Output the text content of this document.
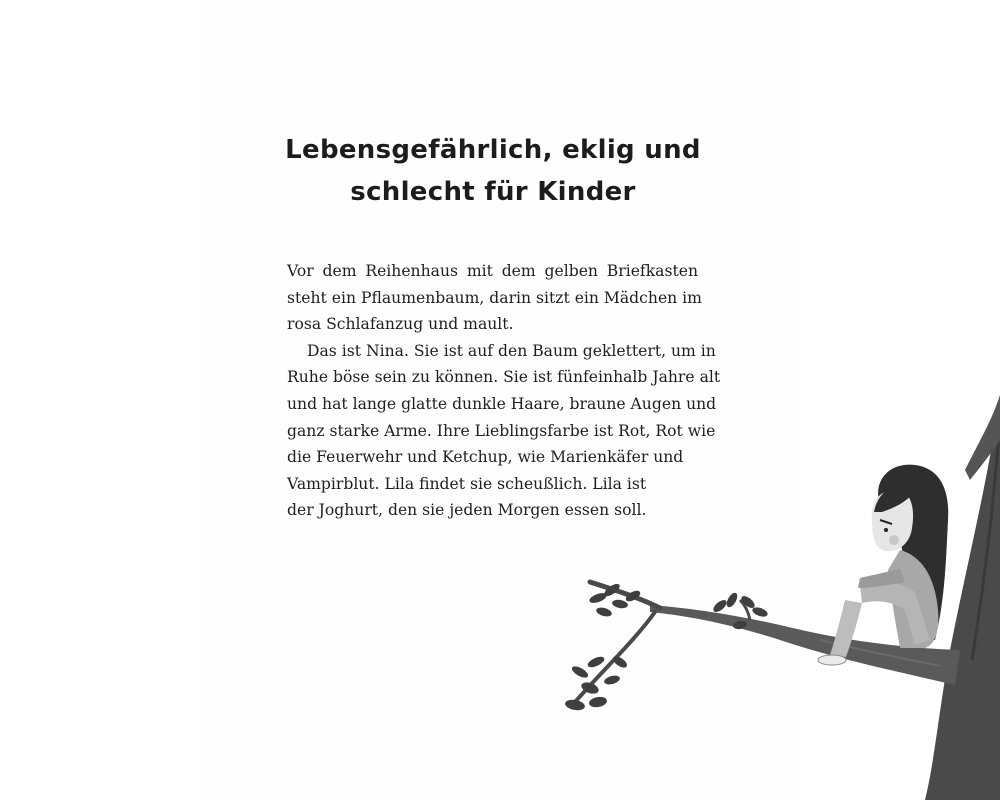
Lebensgefährlich, eklig und
schlecht für Kinder
Vor dem Reihenhaus mit dem gelben Briefkasten
steht ein Pflaumenbaum, darin sitzt ein Mädchen im
rosa Schlafanzug und mault.
Das ist Nina. Sie ist auf den Baum geklettert, um in
Ruhe böse sein zu können. Sie ist fünfeinhalb Jahre alt
und hat lange glatte dunkle Haare, braune Augen und
ganz starke Arme. Ihre Lieblingsfarbe ist Rot, Rot wie
die Feuerwehr und Ketchup, wie Marienkäfer und
Vampirblut. Lila findet sie scheußlich. Lila ist
der Joghurt, den sie jeden Morgen essen soll.
